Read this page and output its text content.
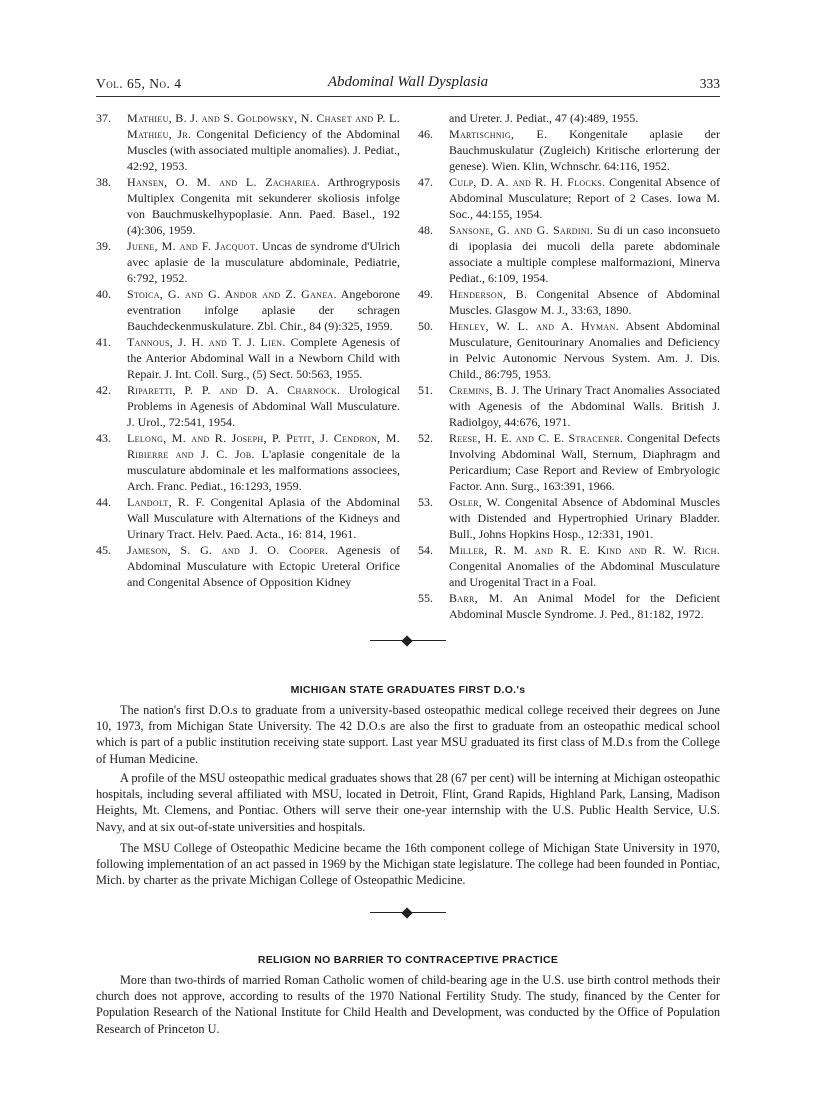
Vol. 65, No. 4	Abdominal Wall Dysplasia	333
37. Mathieu, B. J. and S. Goldowsky, N. Chaset and P. L. Mathieu, Jr. Congenital Deficiency of the Abdominal Muscles (with associated multiple anomalies). J. Pediat., 42:92, 1953.
38. Hansen, O. M. and L. Zachariea. Arthrogryposis Multiplex Congenita mit sekunderer skoliosis infolge von Bauchmuskelhypoplasie. Ann. Paed. Basel., 192 (4):306, 1959.
39. Juene, M. and F. Jacquot. Uncas de syndrome d'Ulrich avec aplasie de la musculature abdominale, Pediatrie, 6:792, 1952.
40. Stoica, G. and G. Andor and Z. Ganea. Angeborone eventration infolge aplasie der schragen Bauchdeckenmuskulature. Zbl. Chir., 84 (9):325, 1959.
41. Tannous, J. H. and T. J. Lien. Complete Agenesis of the Anterior Abdominal Wall in a Newborn Child with Repair. J. Int. Coll. Surg., (5) Sect. 50:563, 1955.
42. Riparetti, P. P. and D. A. Charnock. Urological Problems in Agenesis of Abdominal Wall Musculature. J. Urol., 72:541, 1954.
43. Lelong, M. and R. Joseph, P. Petit, J. Cendron, M. Ribierre and J. C. Job. L'aplasie congenitale de la musculature abdominale et les malformations associees, Arch. Franc. Pediat., 16:1293, 1959.
44. Landolt, R. F. Congenital Aplasia of the Abdominal Wall Musculature with Alternations of the Kidneys and Urinary Tract. Helv. Paed. Acta., 16: 814, 1961.
45. Jameson, S. G. and J. O. Cooper. Agenesis of Abdominal Musculature with Ectopic Ureteral Orifice and Congenital Absence of Opposition Kidney
and Ureter. J. Pediat., 47 (4):489, 1955.
46. Martischnig, E. Kongenitale aplasie der Bauchmuskulatur (Zugleich) Kritische erlorterung der genese). Wien. Klin, Wchnschr. 64:116, 1952.
47. Culp, D. A. and R. H. Flocks. Congenital Absence of Abdominal Musculature; Report of 2 Cases. Iowa M. Soc., 44:155, 1954.
48. Sansone, G. and G. Sardini. Su di un caso inconsueto di ipoplasia dei mucoli della parete abdominale associate a multiple complese malformazioni, Minerva Pediat., 6:109, 1954.
49. Henderson, B. Congenital Absence of Abdominal Muscles. Glasgow M. J., 33:63, 1890.
50. Henley, W. L. and A. Hyman. Absent Abdominal Musculature, Genitourinary Anomalies and Deficiency in Pelvic Autonomic Nervous System. Am. J. Dis. Child., 86:795, 1953.
51. Cremins, B. J. The Urinary Tract Anomalies Associated with Agenesis of the Abdominal Walls. British J. Radiolgoy, 44:676, 1971.
52. Reese, H. E. and C. E. Stracener. Congenital Defects Involving Abdominal Wall, Sternum, Diaphragm and Pericardium; Case Report and Review of Embryologic Factor. Ann. Surg., 163:391, 1966.
53. Osler, W. Congenital Absence of Abdominal Muscles with Distended and Hypertrophied Urinary Bladder. Bull., Johns Hopkins Hosp., 12:331, 1901.
54. Miller, R. M. and R. E. Kind and R. W. Rich. Congenital Anomalies of the Abdominal Musculature and Urogenital Tract in a Foal.
55. Barr, M. An Animal Model for the Deficient Abdominal Muscle Syndrome. J. Ped., 81:182, 1972.
MICHIGAN STATE GRADUATES FIRST D.O.'s

The nation's first D.O.s to graduate from a university-based osteopathic medical college received their degrees on June 10, 1973, from Michigan State University. The 42 D.O.s are also the first to graduate from an osteopathic medical school which is part of a public institution receiving state support. Last year MSU graduated its first class of M.D.s from the College of Human Medicine.

A profile of the MSU osteopathic medical graduates shows that 28 (67 per cent) will be interning at Michigan osteopathic hospitals, including several affiliated with MSU, located in Detroit, Flint, Grand Rapids, Highland Park, Lansing, Madison Heights, Mt. Clemens, and Pontiac. Others will serve their one-year internship with the U.S. Public Health Service, U.S. Navy, and at six out-of-state universities and hospitals.

The MSU College of Osteopathic Medicine became the 16th component college of Michigan State University in 1970, following implementation of an act passed in 1969 by the Michigan state legislature. The college had been founded in Pontiac, Mich. by charter as the private Michigan College of Osteopathic Medicine.

RELIGION NO BARRIER TO CONTRACEPTIVE PRACTICE

More than two-thirds of married Roman Catholic women of child-bearing age in the U.S. use birth control methods their church does not approve, according to results of the 1970 National Fertility Study. The study, financed by the Center for Population Research of the National Institute for Child Health and Development, was conducted by the Office of Population Research of Princeton U.
